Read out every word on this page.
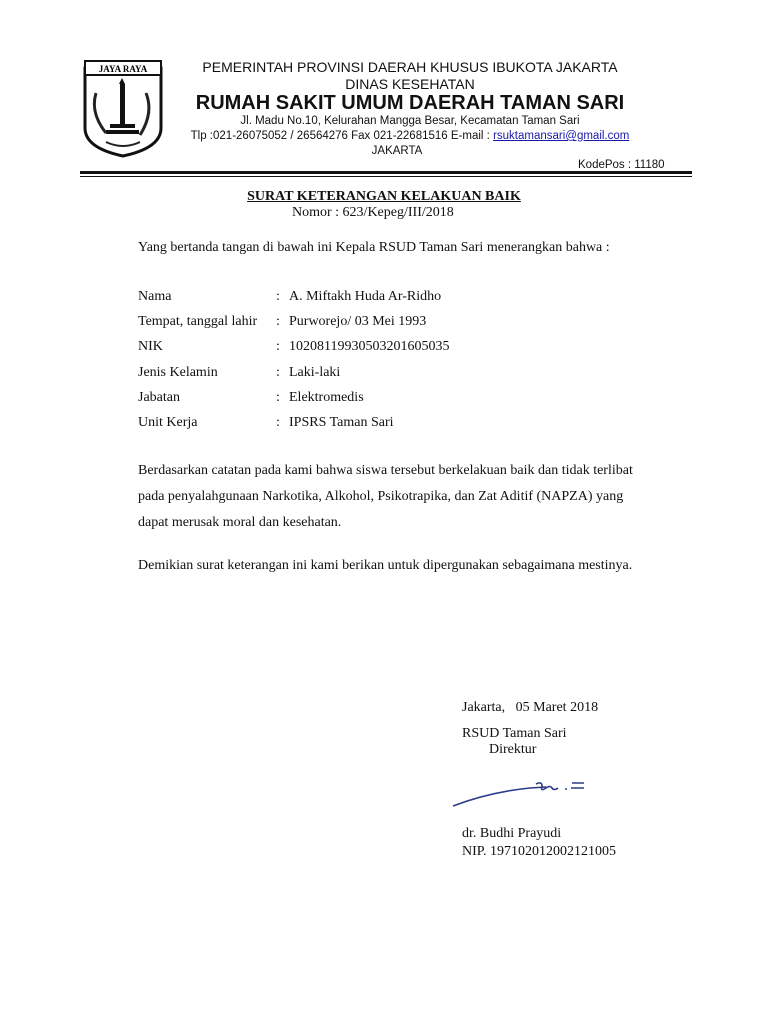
JAYA RAYA	PEMERINTAH PROVINSI DAERAH KHUSUS IBUKOTA JAKARTA
DINAS KESEHATAN
RUMAH SAKIT UMUM DAERAH TAMAN SARI
Jl. Madu No.10, Kelurahan Mangga Besar, Kecamatan Taman Sari
Tlp :021-26075052 / 26564276 Fax 021-22681516 E-mail : rsuktamansari@gmail.com
JAKARTA
KodePos : 11180
SURAT KETERANGAN KELAKUAN BAIK
Nomor : 623/Kepeg/III/2018
Yang bertanda tangan di bawah ini Kepala RSUD Taman Sari menerangkan bahwa :
Nama	: A. Miftakh Huda Ar-Ridho
Tempat, tanggal lahir : Purworejo/ 03 Mei 1993
NIK	: 1020811993050320160503​5
Jenis Kelamin	: Laki-laki
Jabatan	: Elektromedis
Unit Kerja	: IPSRS Taman Sari
Berdasarkan catatan pada kami bahwa siswa tersebut berkelakuan baik dan tidak terlibat
pada penyalahgunaan Narkotika, Alkohol, Psikotrapika, dan Zat Aditif (NAPZA) yang
dapat merusak moral dan kesehatan.
Demikian surat keterangan ini kami berikan untuk dipergunakan sebagaimana mestinya.
Jakarta,   05 Maret 2018
RSUD Taman Sari
Direktur
dr. Budhi Prayudi
NIP. 197102012002121005
